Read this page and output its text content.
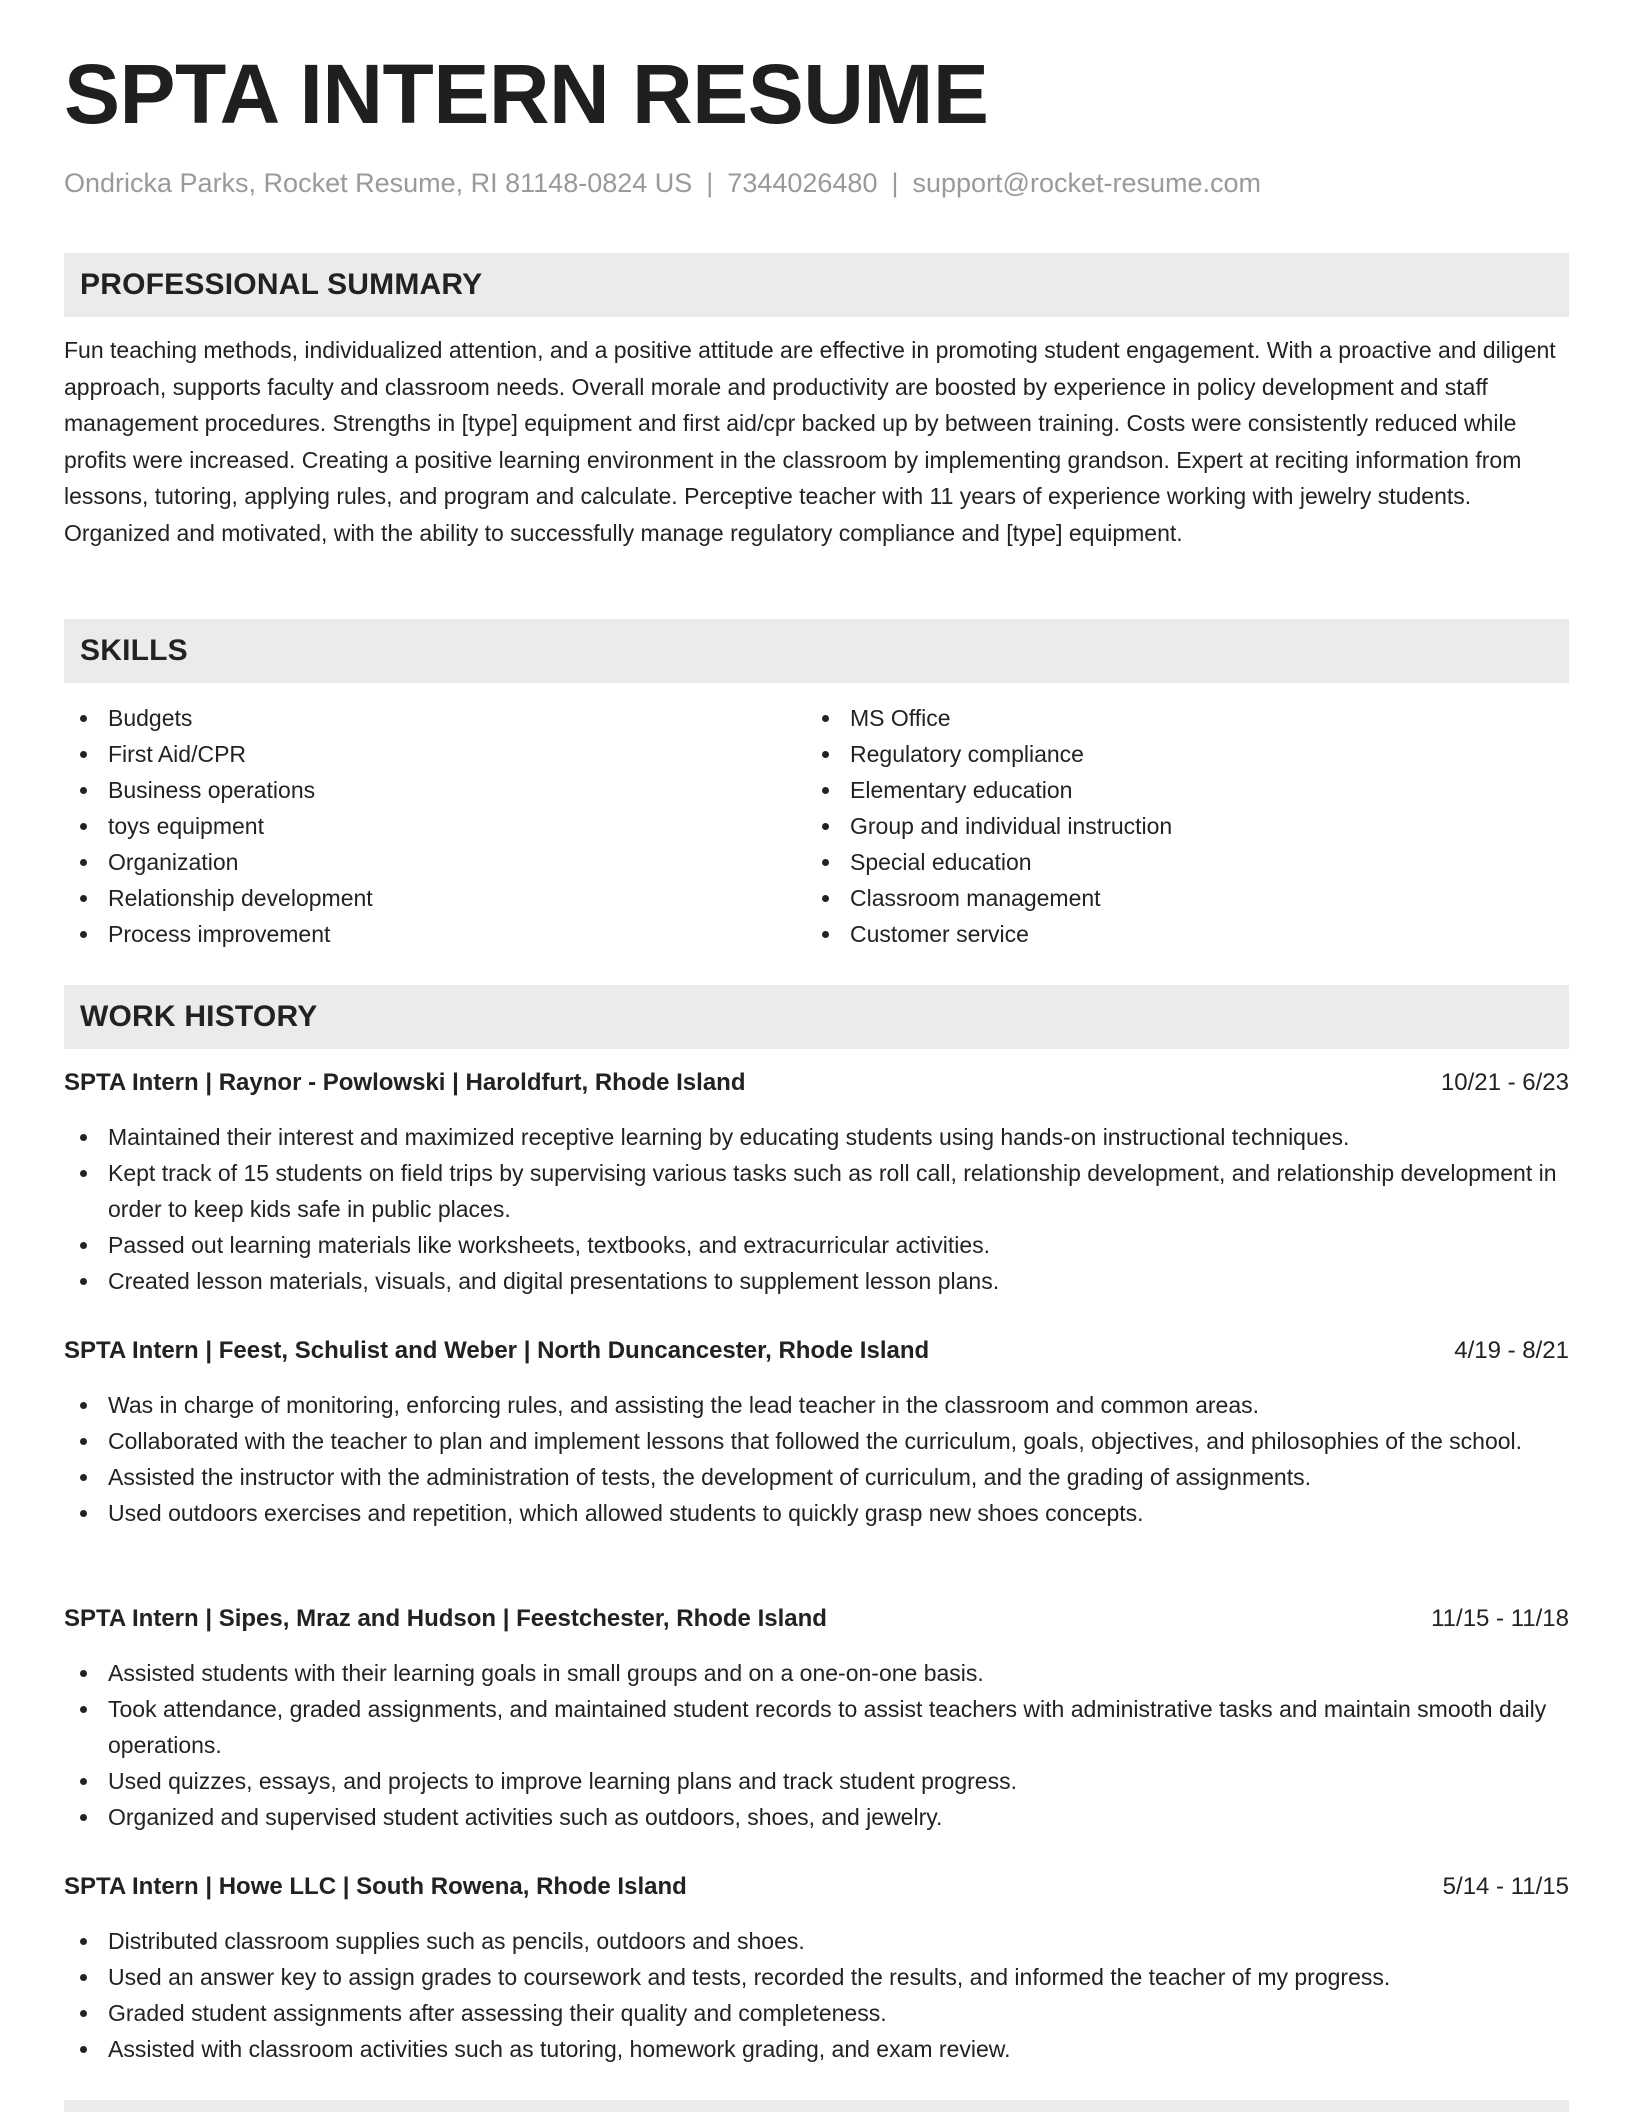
SPTA INTERN RESUME
Ondricka Parks, Rocket Resume, RI 81148-0824 US | 7344026480 | support@rocket-resume.com
PROFESSIONAL SUMMARY

Fun teaching methods, individualized attention, and a positive attitude are effective in promoting student engagement. With a proactive and diligent approach, supports faculty and classroom needs. Overall morale and productivity are boosted by experience in policy development and staff management procedures. Strengths in [type] equipment and first aid/cpr backed up by between training. Costs were consistently reduced while profits were increased. Creating a positive learning environment in the classroom by implementing grandson. Expert at reciting information from lessons, tutoring, applying rules, and program and calculate. Perceptive teacher with 11 years of experience working with jewelry students. Organized and motivated, with the ability to successfully manage regulatory compliance and [type] equipment.

SKILLS
Budgets
First Aid/CPR
Business operations
toys equipment
Organization
Relationship development
Process improvement
MS Office
Regulatory compliance
Elementary education
Group and individual instruction
Special education
Classroom management
Customer service
WORK HISTORY
SPTA Intern | Raynor - Powlowski | Haroldfurt, Rhode Island	10/21 - 6/23
Maintained their interest and maximized receptive learning by educating students using hands-on instructional techniques.
Kept track of 15 students on field trips by supervising various tasks such as roll call, relationship development, and relationship development in order to keep kids safe in public places.
Passed out learning materials like worksheets, textbooks, and extracurricular activities.
Created lesson materials, visuals, and digital presentations to supplement lesson plans.
SPTA Intern | Feest, Schulist and Weber | North Duncancester, Rhode Island	4/19 - 8/21
Was in charge of monitoring, enforcing rules, and assisting the lead teacher in the classroom and common areas.
Collaborated with the teacher to plan and implement lessons that followed the curriculum, goals, objectives, and philosophies of the school.
Assisted the instructor with the administration of tests, the development of curriculum, and the grading of assignments.
Used outdoors exercises and repetition, which allowed students to quickly grasp new shoes concepts.
SPTA Intern | Sipes, Mraz and Hudson | Feestchester, Rhode Island	11/15 - 11/18
Assisted students with their learning goals in small groups and on a one-on-one basis.
Took attendance, graded assignments, and maintained student records to assist teachers with administrative tasks and maintain smooth daily operations.
Used quizzes, essays, and projects to improve learning plans and track student progress.
Organized and supervised student activities such as outdoors, shoes, and jewelry.
SPTA Intern | Howe LLC | South Rowena, Rhode Island	5/14 - 11/15
Distributed classroom supplies such as pencils, outdoors and shoes.
Used an answer key to assign grades to coursework and tests, recorded the results, and informed the teacher of my progress.
Graded student assignments after assessing their quality and completeness.
Assisted with classroom activities such as tutoring, homework grading, and exam review.
